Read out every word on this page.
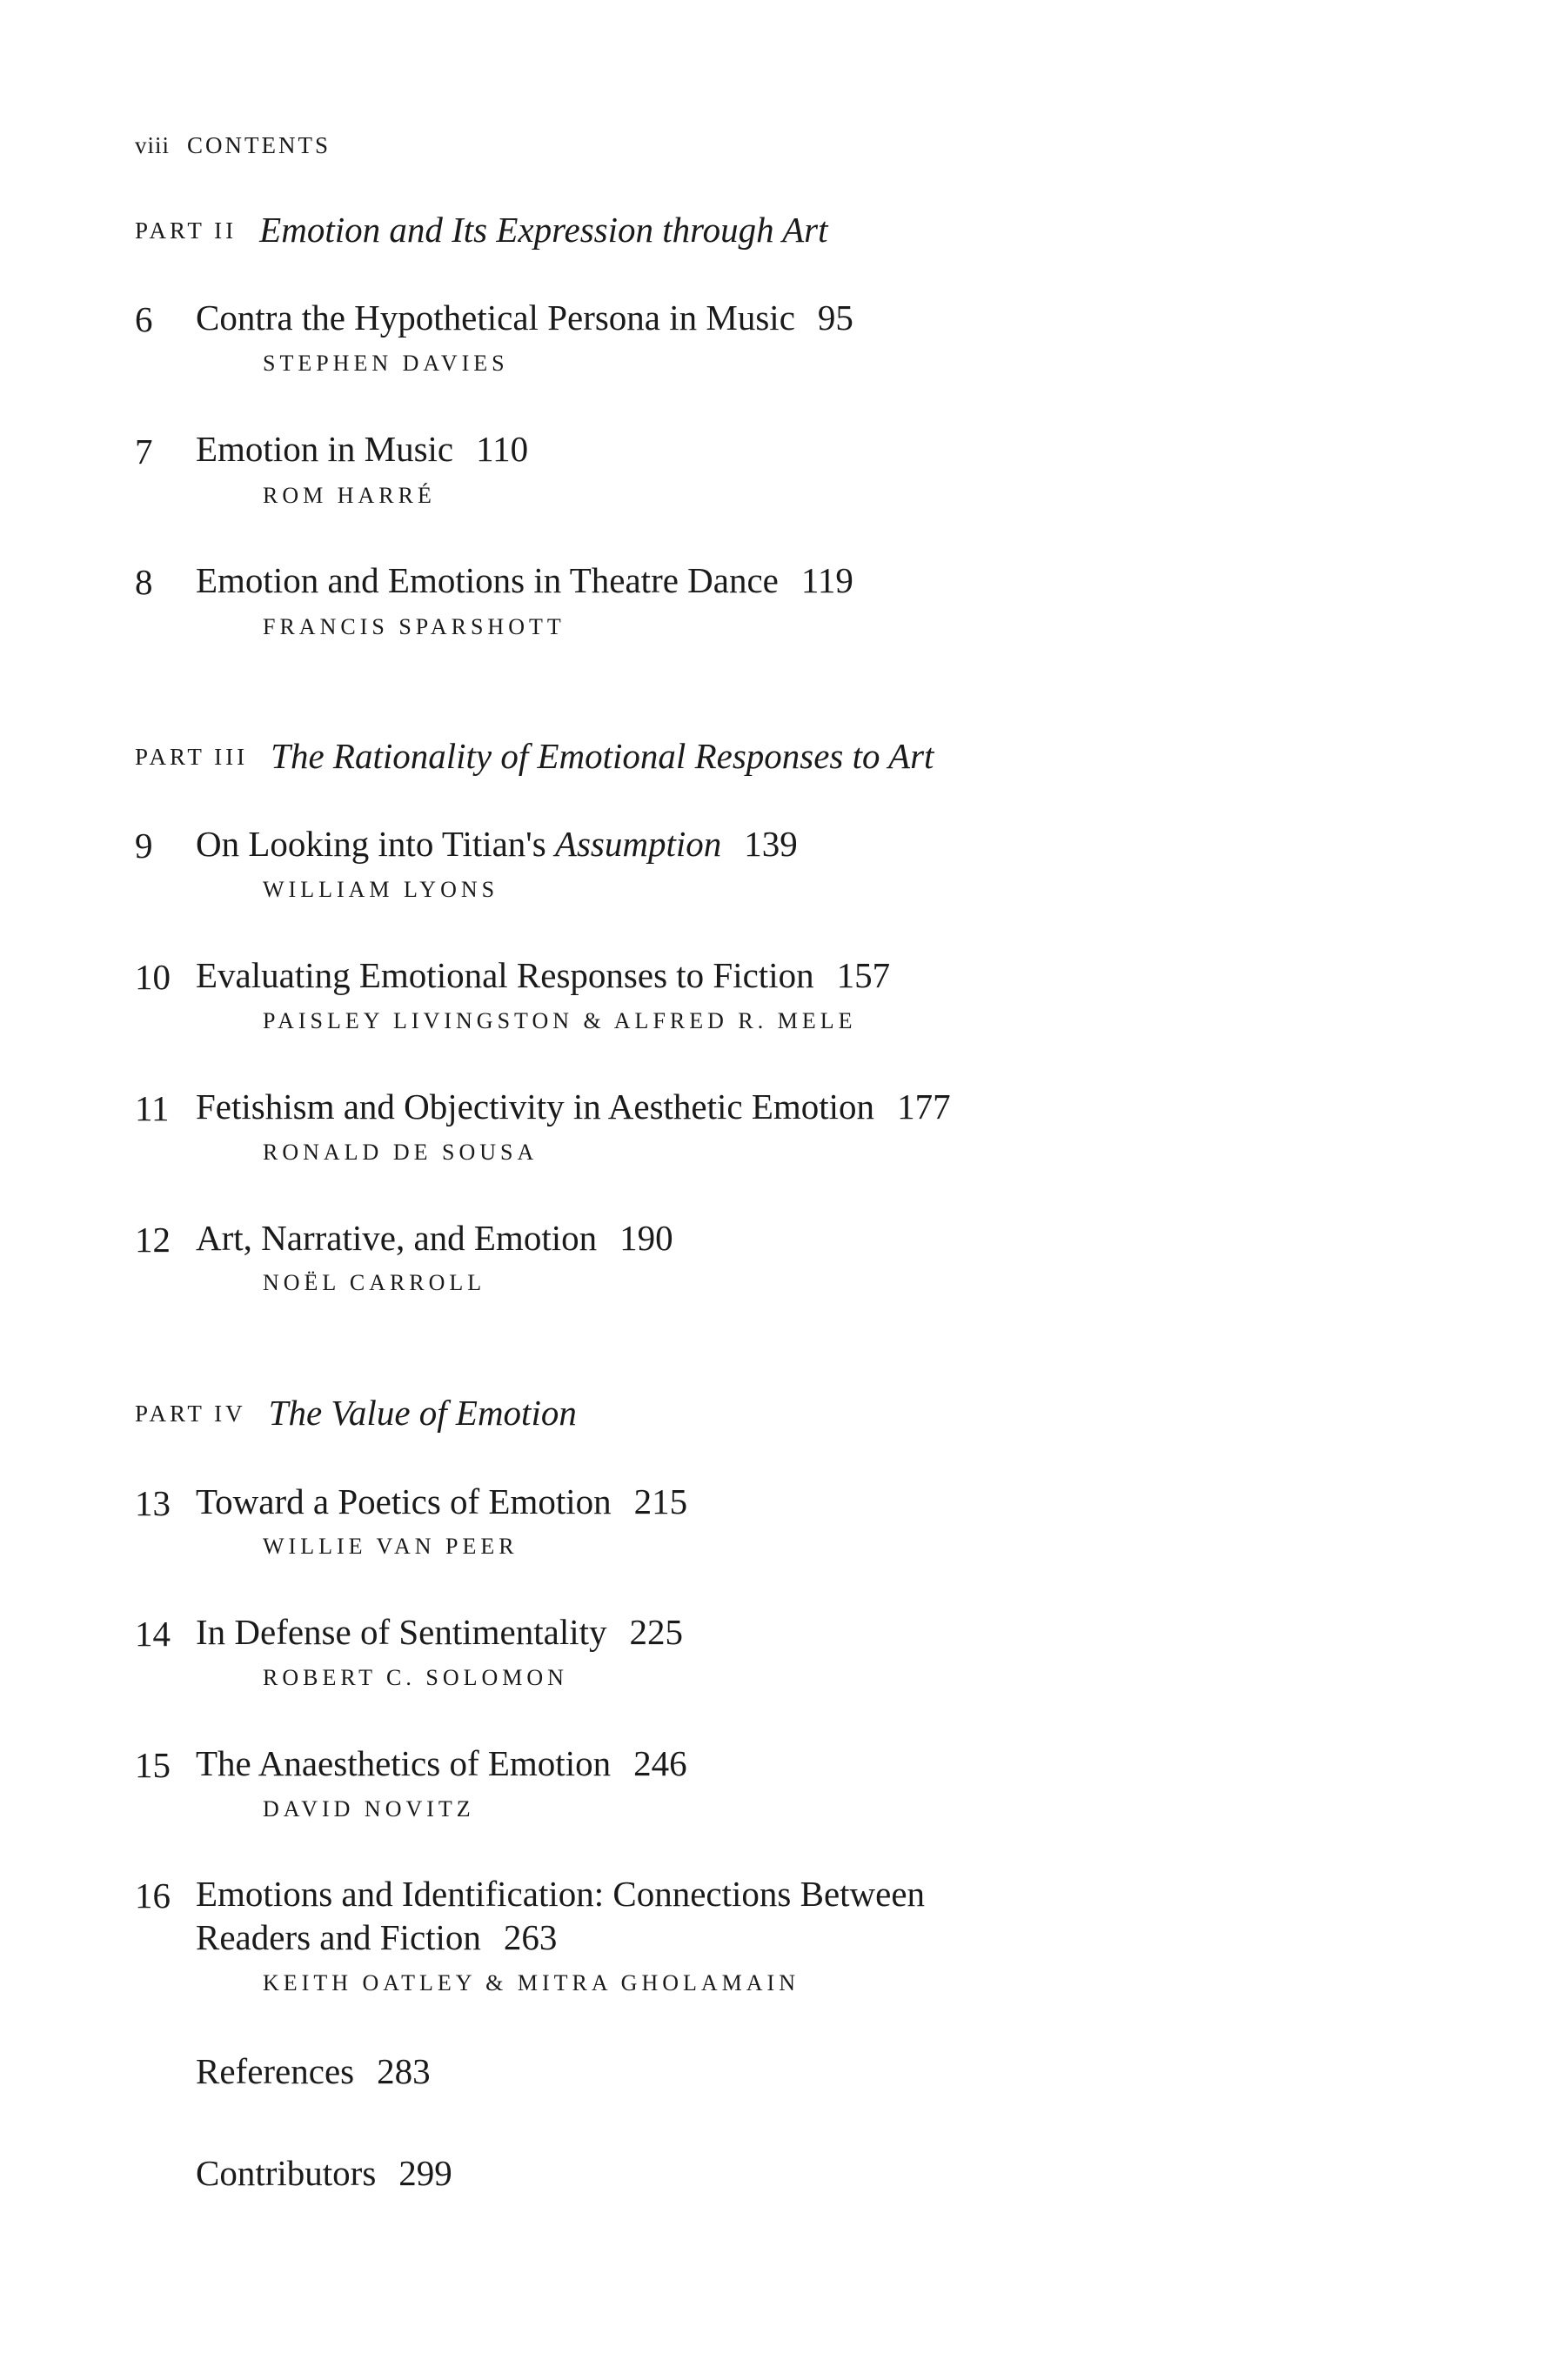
viii CONTENTS
PART II Emotion and Its Expression through Art
6 Contra the Hypothetical Persona in Music 95
STEPHEN DAVIES
7 Emotion in Music 110
ROM HARRÉ
8 Emotion and Emotions in Theatre Dance 119
FRANCIS SPARSHOTT
PART III The Rationality of Emotional Responses to Art
9 On Looking into Titian's Assumption 139
WILLIAM LYONS
10 Evaluating Emotional Responses to Fiction 157
PAISLEY LIVINGSTON & ALFRED R. MELE
11 Fetishism and Objectivity in Aesthetic Emotion 177
RONALD DE SOUSA
12 Art, Narrative, and Emotion 190
NOËL CARROLL
PART IV The Value of Emotion
13 Toward a Poetics of Emotion 215
WILLIE VAN PEER
14 In Defense of Sentimentality 225
ROBERT C. SOLOMON
15 The Anaesthetics of Emotion 246
DAVID NOVITZ
16 Emotions and Identification: Connections Between
Readers and Fiction 263
KEITH OATLEY & MITRA GHOLAMAIN
References 283
Contributors 299
